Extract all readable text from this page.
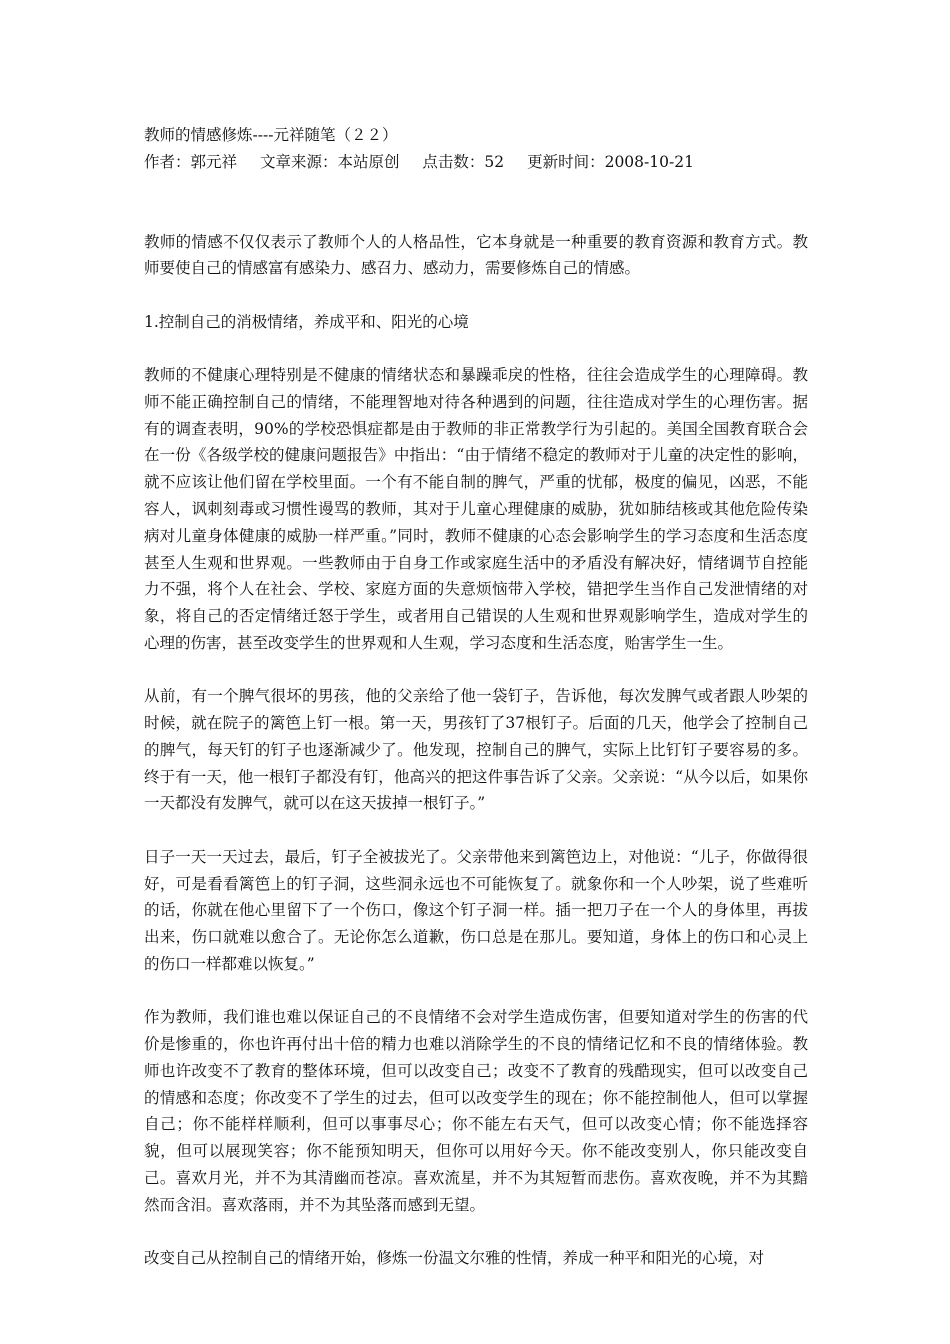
教师的情感修炼----元祥随笔（２２）
作者：郭元祥 文章来源：本站原创 点击数：52 更新时间：2008-10-21

教师的情感不仅仅表示了教师个人的人格品性，它本身就是一种重要的教育资源和教育方式。教师要使自己的情感富有感染力、感召力、感动力，需要修炼自己的情感。

1.控制自己的消极情绪，养成平和、阳光的心境

教师的不健康心理特别是不健康的情绪状态和暴躁乖戾的性格，往往会造成学生的心理障碍。教师不能正确控制自己的情绪，不能理智地对待各种遇到的问题，往往造成对学生的心理伤害。据有的调查表明，90%的学校恐惧症都是由于教师的非正常教学行为引起的。美国全国教育联合会在一份《各级学校的健康问题报告》中指出：“由于情绪不稳定的教师对于儿童的决定性的影响，就不应该让他们留在学校里面。一个有不能自制的脾气，严重的忧郁，极度的偏见，凶恶，不能容人，讽刺刻毒或习惯性谩骂的教师，其对于儿童心理健康的威胁，犹如肺结核或其他危险传染病对儿童身体健康的威胁一样严重。”同时，教师不健康的心态会影响学生的学习态度和生活态度甚至人生观和世界观。一些教师由于自身工作或家庭生活中的矛盾没有解决好，情绪调节自控能力不强，将个人在社会、学校、家庭方面的失意烦恼带入学校，错把学生当作自己发泄情绪的对象，将自己的否定情绪迁怒于学生，或者用自己错误的人生观和世界观影响学生，造成对学生的心理的伤害，甚至改变学生的世界观和人生观，学习态度和生活态度，贻害学生一生。

从前，有一个脾气很坏的男孩，他的父亲给了他一袋钉子，告诉他，每次发脾气或者跟人吵架的时候，就在院子的篱笆上钉一根。第一天，男孩钉了37根钉子。后面的几天，他学会了控制自己的脾气，每天钉的钉子也逐渐减少了。他发现，控制自己的脾气，实际上比钉钉子要容易的多。终于有一天，他一根钉子都没有钉，他高兴的把这件事告诉了父亲。父亲说：“从今以后，如果你一天都没有发脾气，就可以在这天拔掉一根钉子。”

日子一天一天过去，最后，钉子全被拔光了。父亲带他来到篱笆边上，对他说：“儿子，你做得很好，可是看看篱笆上的钉子洞，这些洞永远也不可能恢复了。就象你和一个人吵架，说了些难听的话，你就在他心里留下了一个伤口，像这个钉子洞一样。插一把刀子在一个人的身体里，再拔出来，伤口就难以愈合了。无论你怎么道歉，伤口总是在那儿。要知道，身体上的伤口和心灵上的伤口一样都难以恢复。”

作为教师，我们谁也难以保证自己的不良情绪不会对学生造成伤害，但要知道对学生的伤害的代价是惨重的，你也许再付出十倍的精力也难以消除学生的不良的情绪记忆和不良的情绪体验。教师也许改变不了教育的整体环境，但可以改变自己；改变不了教育的残酷现实，但可以改变自己的情感和态度；你改变不了学生的过去，但可以改变学生的现在；你不能控制他人，但可以掌握自己；你不能样样顺利，但可以事事尽心；你不能左右天气，但可以改变心情；你不能选择容貌，但可以展现笑容；你不能预知明天，但你可以用好今天。你不能改变别人，你只能改变自己。喜欢月光，并不为其清幽而苍凉。喜欢流星，并不为其短暂而悲伤。喜欢夜晚，并不为其黯然而含泪。喜欢落雨，并不为其坠落而感到无望。

改变自己从控制自己的情绪开始，修炼一份温文尔雅的性情，养成一种平和阳光的心境，对
